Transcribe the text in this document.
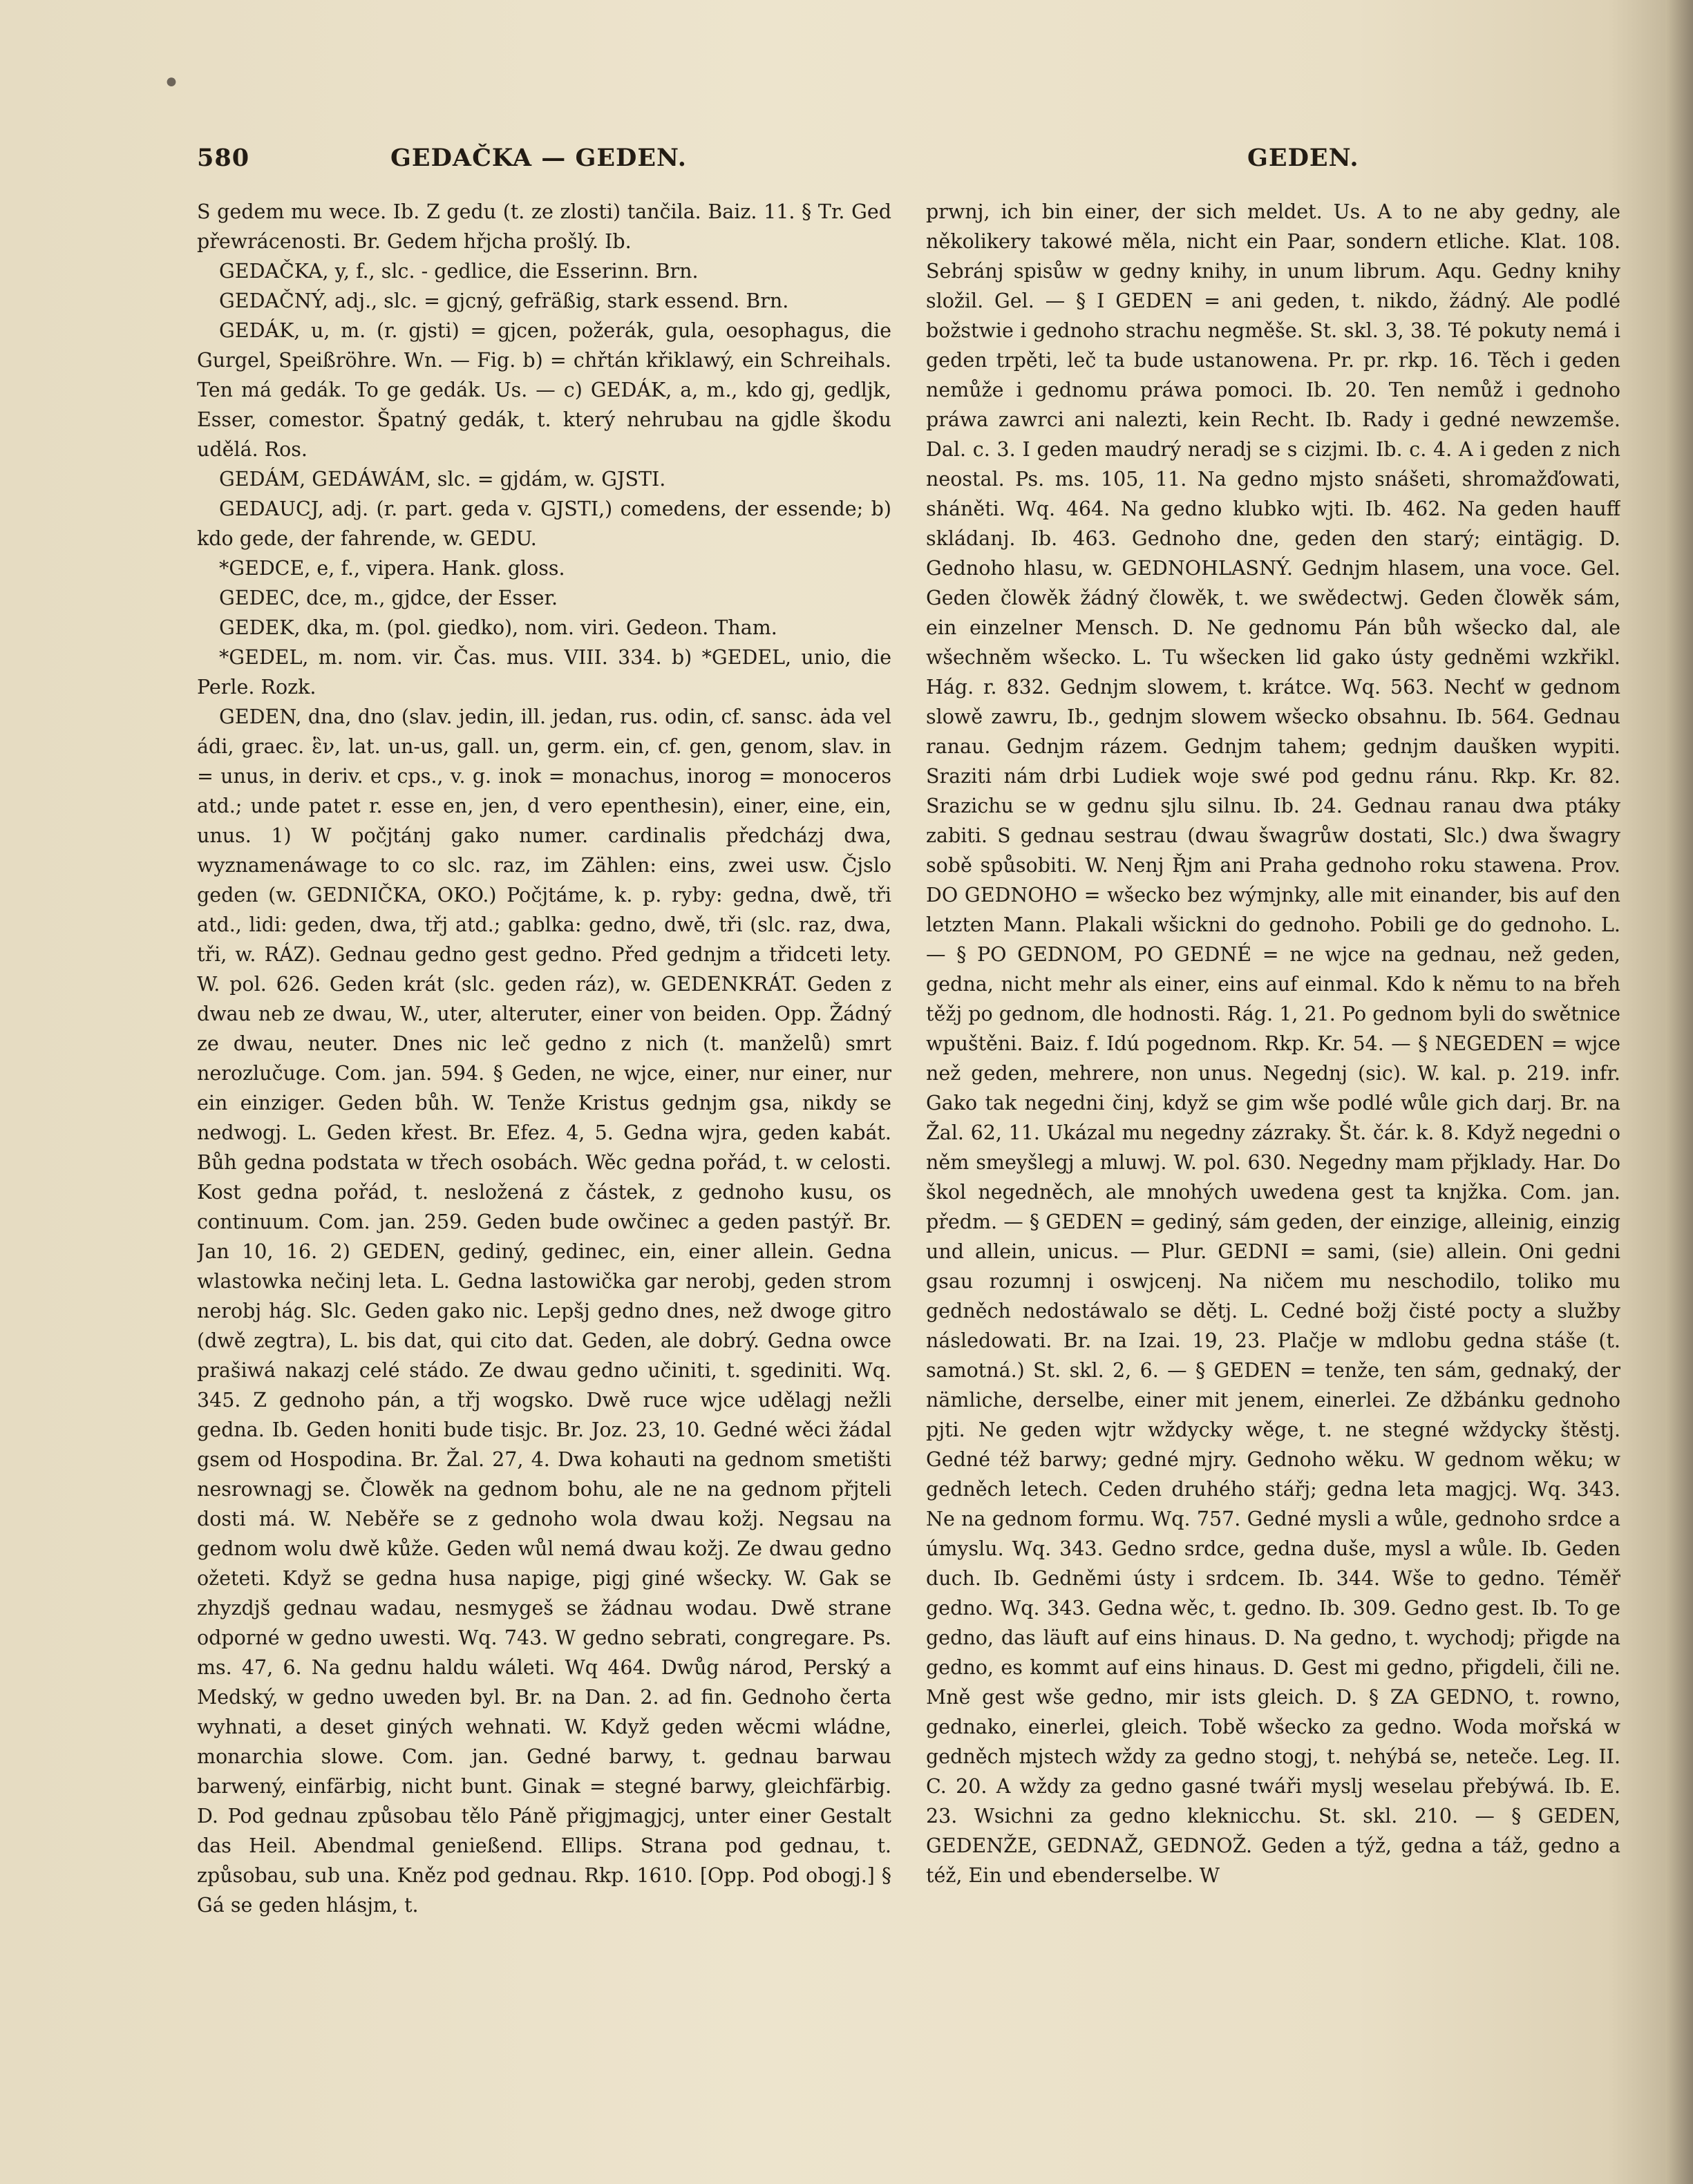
•
580	GEDAČKA — GEDEN.	GEDEN.

S gedem mu wece. Ib. Z gedu (t. ze zlosti) tančila. Baiz. 11. § Tr. Ged přewrácenosti. Br. Gedem hřjcha prošlý. Ib.

GEDAČKA, y, f., slc. - gedlice, die Esserinn. Brn.

GEDAČNÝ, adj., slc. = gjcný, gefräßig, stark essend. Brn.

GEDÁK, u, m. (r. gjsti) = gjcen, požerák, gula, oesophagus, die Gurgel, Speißröhre. Wn. — Fig. b) = chřtán křiklawý, ein Schreihals. Ten má gedák. To ge gedák. Us. — c) GEDÁK, a, m., kdo gj, gedljk, Esser, comestor. Špatný gedák, t. který nehrubau na gjdle škodu udělá. Ros.

GEDÁM, GEDÁWÁM, slc. = gjdám, w. GJSTI.

GEDAUCJ, adj. (r. part. geda v. GJSTI,) comedens, der essende; b) kdo gede, der fahrende, w. GEDU.

*GEDCE, e, f., vipera. Hank. gloss.

GEDEC, dce, m., gjdce, der Esser.

GEDEK, dka, m. (pol. giedko), nom. viri. Gedeon. Tham.

*GEDEL, m. nom. vir. Čas. mus. VIII. 334. b) *GEDEL, unio, die Perle. Rozk.

GEDEN, dna, dno (slav. jedin, ill. jedan, rus. odin, cf. sansc. ȧda vel ádi, graec. ἓν, lat. un-us, gall. un, germ. ein, cf. gen, genom, slav. in = unus, in deriv. et cps., v. g. inok = monachus, inorog = monoceros atd.; unde patet r. esse en, jen, d vero epenthesin), einer, eine, ein, unus. 1) W počjtánj gako numer. cardinalis předcházj dwa, wyznamenáwage to co slc. raz, im Zählen: eins, zwei usw. Čjslo geden (w. GEDNIČKA, OKO.) Počjtáme, k. p. ryby: gedna, dwě, tři atd., lidi: geden, dwa, třj atd.; gablka: gedno, dwě, tři (slc. raz, dwa, tři, w. RÁZ). Gednau gedno gest gedno. Před gednjm a třidceti lety. W. pol. 626. Geden krát (slc. geden ráz), w. GEDENKRÁT. Geden z dwau neb ze dwau, W., uter, alteruter, einer von beiden. Opp. Žádný ze dwau, neuter. Dnes nic leč gedno z nich (t. manželů) smrt nerozlučuge. Com. jan. 594. § Geden, ne wjce, einer, nur einer, nur ein einziger. Geden bůh. W. Tenže Kristus gednjm gsa, nikdy se nedwogj. L. Geden křest. Br. Efez. 4, 5. Gedna wjra, geden kabát. Bůh gedna podstata w třech osobách. Wěc gedna pořád, t. w celosti. Kost gedna pořád, t. nesložená z částek, z gednoho kusu, os continuum. Com. jan. 259. Geden bude owčinec a geden pastýř. Br. Jan 10, 16. 2) GEDEN, gediný, gedinec, ein, einer allein. Gedna wlastowka nečinj leta. L. Gedna lastowička gar nerobj, geden strom nerobj hág. Slc. Geden gako nic. Lepšj gedno dnes, než dwoge gitro (dwě zegtra), L. bis dat, qui cito dat. Geden, ale dobrý. Gedna owce prašiwá nakazj celé stádo. Ze dwau gedno učiniti, t. sgediniti. Wq. 345. Z gednoho pán, a třj wogsko. Dwě ruce wjce udělagj nežli gedna. Ib. Geden honiti bude tisjc. Br. Joz. 23, 10. Gedné wěci žádal gsem od Hospodina. Br. Žal. 27, 4. Dwa kohauti na gednom smetišti nesrownagj se. Člowěk na gednom bohu, ale ne na gednom přjteli dosti má. W. Neběře se z gednoho wola dwau kožj. Negsau na gednom wolu dwě kůže. Geden wůl nemá dwau kožj. Ze dwau gedno ožeteti. Když se gedna husa napige, pigj giné wšecky. W. Gak se zhyzdjš gednau wadau, nesmygeš se žádnau wodau. Dwě strane odporné w gedno uwesti. Wq. 743. W gedno sebrati, congregare. Ps. ms. 47, 6. Na gednu haldu wáleti. Wq 464. Dwůg národ, Perský a Medský, w gedno uweden byl. Br. na Dan. 2. ad fin. Gednoho čerta wyhnati, a deset giných wehnati. W. Když geden wěcmi wládne, monarchia slowe. Com. jan. Gedné barwy, t. gednau barwau barwený, einfärbig, nicht bunt. Ginak = stegné barwy, gleichfärbig. D. Pod gednau způsobau tělo Páně přigjmagjcj, unter einer Gestalt das Heil. Abendmal genießend. Ellips. Strana pod gednau, t. způsobau, sub una. Kněz pod gednau. Rkp. 1610. [Opp. Pod obogj.] § Gá se geden hlásjm, t.

prwnj, ich bin einer, der sich meldet. Us. A to ne aby gedny, ale několikery takowé měla, nicht ein Paar, sondern etliche. Klat. 108. Sebránj spisůw w gedny knihy, in unum librum. Aqu. Gedny knihy složil. Gel. — § I GEDEN = ani geden, t. nikdo, žádný. Ale podlé božstwie i gednoho strachu negměše. St. skl. 3, 38. Té pokuty nemá i geden trpěti, leč ta bude ustanowena. Pr. pr. rkp. 16. Těch i geden nemůže i gednomu práwa pomoci. Ib. 20. Ten nemůž i gednoho práwa zawrci ani nalezti, kein Recht. Ib. Rady i gedné newzemše. Dal. c. 3. I geden maudrý neradj se s cizjmi. Ib. c. 4. A i geden z nich neostal. Ps. ms. 105, 11. Na gedno mjsto snášeti, shromažďowati, sháněti. Wq. 464. Na gedno klubko wjti. Ib. 462. Na geden hauff skládanj. Ib. 463. Gednoho dne, geden den starý; eintägig. D. Gednoho hlasu, w. GEDNOHLASNÝ. Gednjm hlasem, una voce. Gel. Geden člowěk žádný člowěk, t. we swědectwj. Geden člowěk sám, ein einzelner Mensch. D. Ne gednomu Pán bůh wšecko dal, ale wšechněm wšecko. L. Tu wšecken lid gako ústy gedněmi wzkřikl. Hág. r. 832. Gednjm slowem, t. krátce. Wq. 563. Nechť w gednom slowě zawru, Ib., gednjm slowem wšecko obsahnu. Ib. 564. Gednau ranau. Gednjm rázem. Gednjm tahem; gednjm daušken wypiti. Sraziti nám drbi Ludiek woje swé pod gednu ránu. Rkp. Kr. 82. Srazichu se w gednu sjlu silnu. Ib. 24. Gednau ranau dwa ptáky zabiti. S gednau sestrau (dwau šwagrůw dostati, Slc.) dwa šwagry sobě spůsobiti. W. Nenj Řjm ani Praha gednoho roku stawena. Prov. DO GEDNOHO = wšecko bez wýmjnky, alle mit einander, bis auf den letzten Mann. Plakali wšickni do gednoho. Pobili ge do gednoho. L. — § PO GEDNOM, PO GEDNÉ = ne wjce na gednau, než geden, gedna, nicht mehr als einer, eins auf einmal. Kdo k němu to na břeh těžj po gednom, dle hodnosti. Rág. 1, 21. Po gednom byli do swětnice wpuštěni. Baiz. f. Idú pogednom. Rkp. Kr. 54. — § NEGEDEN = wjce než geden, mehrere, non unus. Negednj (sic). W. kal. p. 219. infr. Gako tak negedni činj, když se gim wše podlé wůle gich darj. Br. na Žal. 62, 11. Ukázal mu negedny zázraky. Št. čár. k. 8. Když negedni o něm smeyšlegj a mluwj. W. pol. 630. Negedny mam přjklady. Har. Do škol negedněch, ale mnohých uwedena gest ta knjžka. Com. jan. předm. — § GEDEN = gediný, sám geden, der einzige, alleinig, einzig und allein, unicus. — Plur. GEDNI = sami, (sie) allein. Oni gedni gsau rozumnj i oswjcenj. Na ničem mu neschodilo, toliko mu gedněch nedostáwalo se dětj. L. Cedné božj čisté pocty a služby následowati. Br. na Izai. 19, 23. Plačje w mdlobu gedna stáše (t. samotná.) St. skl. 2, 6. — § GEDEN = tenže, ten sám, gednaký, der nämliche, derselbe, einer mit jenem, einerlei. Ze džbánku gednoho pjti. Ne geden wjtr wždycky wěge, t. ne stegné wždycky štěstj. Gedné též barwy; gedné mjry. Gednoho wěku. W gednom wěku; w gedněch letech. Ceden druhého stářj; gedna leta magjcj. Wq. 343. Ne na gednom formu. Wq. 757. Gedné mysli a wůle, gednoho srdce a úmyslu. Wq. 343. Gedno srdce, gedna duše, mysl a wůle. Ib. Geden duch. Ib. Gedněmi ústy i srdcem. Ib. 344. Wše to gedno. Téměř gedno. Wq. 343. Gedna wěc, t. gedno. Ib. 309. Gedno gest. Ib. To ge gedno, das läuft auf eins hinaus. D. Na gedno, t. wychodj; přigde na gedno, es kommt auf eins hinaus. D. Gest mi gedno, přigdeli, čili ne. Mně gest wše gedno, mir ists gleich. D. § ZA GEDNO, t. rowno, gednako, einerlei, gleich. Tobě wšecko za gedno. Woda mořská w gedněch mjstech wždy za gedno stogj, t. nehýbá se, neteče. Leg. II. C. 20. A wždy za gedno gasné twáři myslj weselau přebýwá. Ib. E. 23. Wsichni za gedno kleknicchu. St. skl. 210. — § GEDEN, GEDENŽE, GEDNAŽ, GEDNOŽ. Geden a týž, gedna a táž, gedno a též, Ein und ebenderselbe. W
